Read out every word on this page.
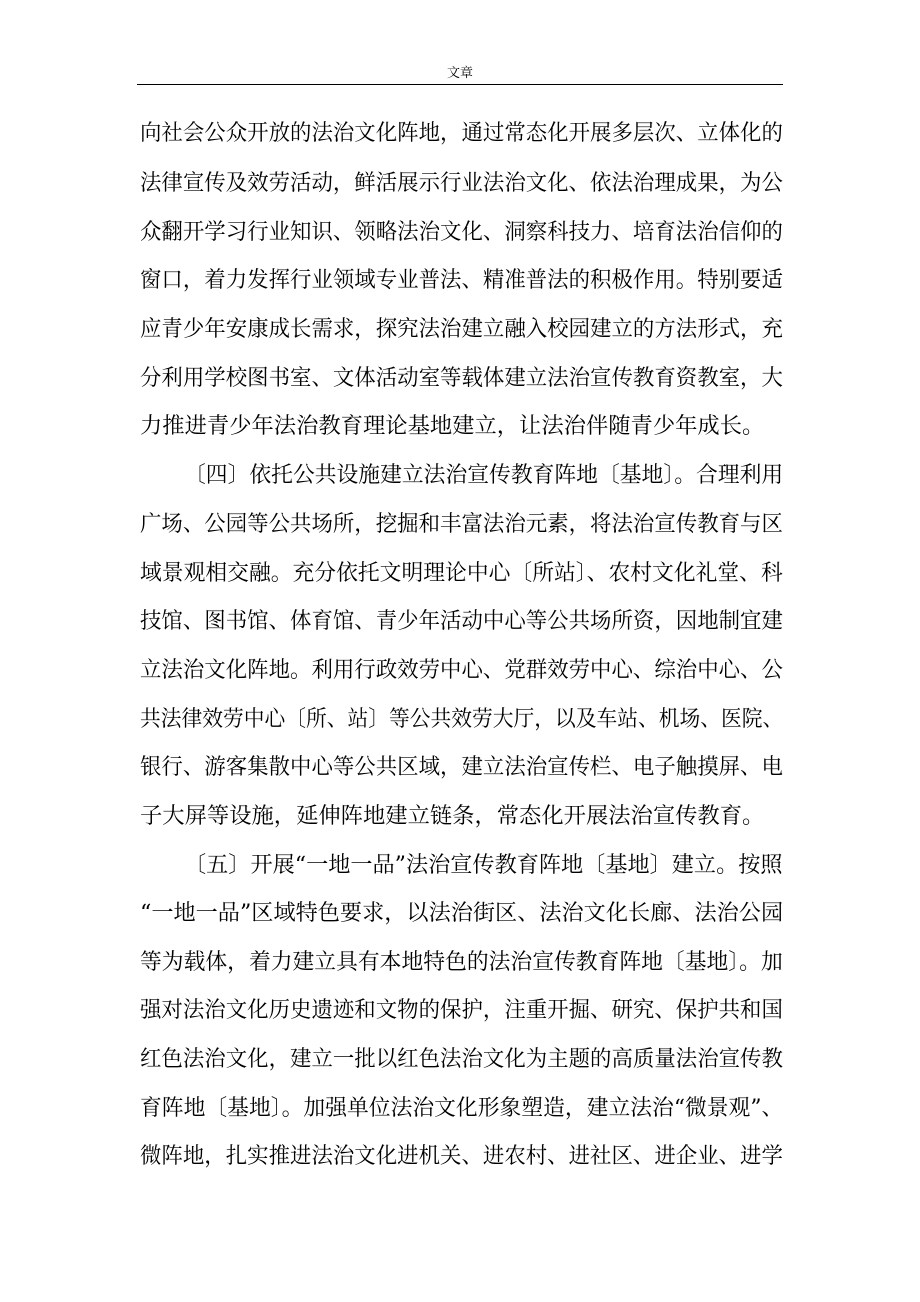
文章
向社会公众开放的法治文化阵地，通过常态化开展多层次、立体化的
法律宣传及效劳活动，鲜活展示行业法治文化、依法治理成果，为公
众翻开学习行业知识、领略法治文化、洞察科技力、培育法治信仰的
窗口，着力发挥行业领域专业普法、精准普法的积极作用。特别要适
应青少年安康成长需求，探究法治建立融入校园建立的方法形式，充
分利用学校图书室、文体活动室等载体建立法治宣传教育资教室，大
力推进青少年法治教育理论基地建立，让法治伴随青少年成长。
〔四〕依托公共设施建立法治宣传教育阵地〔基地〕。合理利用
广场、公园等公共场所，挖掘和丰富法治元素，将法治宣传教育与区
域景观相交融。充分依托文明理论中心〔所站〕、农村文化礼堂、科
技馆、图书馆、体育馆、青少年活动中心等公共场所资，因地制宜建
立法治文化阵地。利用行政效劳中心、党群效劳中心、综治中心、公
共法律效劳中心〔所、站〕等公共效劳大厅，以及车站、机场、医院、
银行、游客集散中心等公共区域，建立法治宣传栏、电子触摸屏、电
子大屏等设施，延伸阵地建立链条，常态化开展法治宣传教育。
〔五〕开展“一地一品”法治宣传教育阵地〔基地〕建立。按照
“一地一品”区域特色要求，以法治街区、法治文化长廊、法治公园
等为载体，着力建立具有本地特色的法治宣传教育阵地〔基地〕。加
强对法治文化历史遗迹和文物的保护，注重开掘、研究、保护共和国
红色法治文化，建立一批以红色法治文化为主题的高质量法治宣传教
育阵地〔基地〕。加强单位法治文化形象塑造，建立法治“微景观”、
微阵地，扎实推进法治文化进机关、进农村、进社区、进企业、进学
